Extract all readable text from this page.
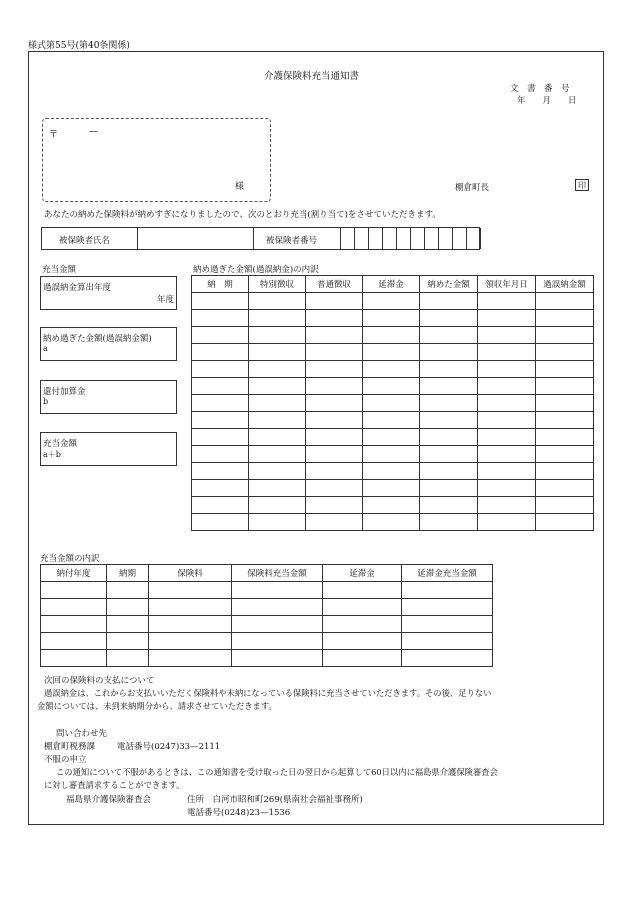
様式第55号(第40条関係)
介護保険料充当通知書
文　書　番　号
年　　月　　日
〒	—
様	棚倉町長	印
あなたの納めた保険料が納めすぎになりましたので、次のとおり充当(割り当て)をさせていただきます。
被保険者氏名	被保険者番号
充当金額
過誤納金算出年度
年度
納め過ぎた金額(過誤納金額)
a
還付加算金
b
充当金額
a＋b
納め過ぎた金額(過誤納金)の内訳
納　期	特別徴収	普通徴収	延滞金	納めた金額	領収年月日	過誤納金額

充当金額の内訳
納付年度	納期	保険料	保険料充当金額	延滞金	延滞金充当金額

次回の保険料の支払について
過誤納金は、これからお支払いいただく保険料や未納になっている保険料に充当させていただきます。その後、足りない
金額については、未到来納期分から、請求させていただきます。
問い合わせ先
棚倉町税務課	電話番号(0247)33—2111
不服の申立
この通知について不服があるときは、この通知書を受け取った日の翌日から起算して60日以内に福島県介護保険審査会
に対し審査請求することができます。
福島県介護保険審査会	住所　白河市昭和町269(県南社会福祉事務所)
電話番号(0248)23—1536
